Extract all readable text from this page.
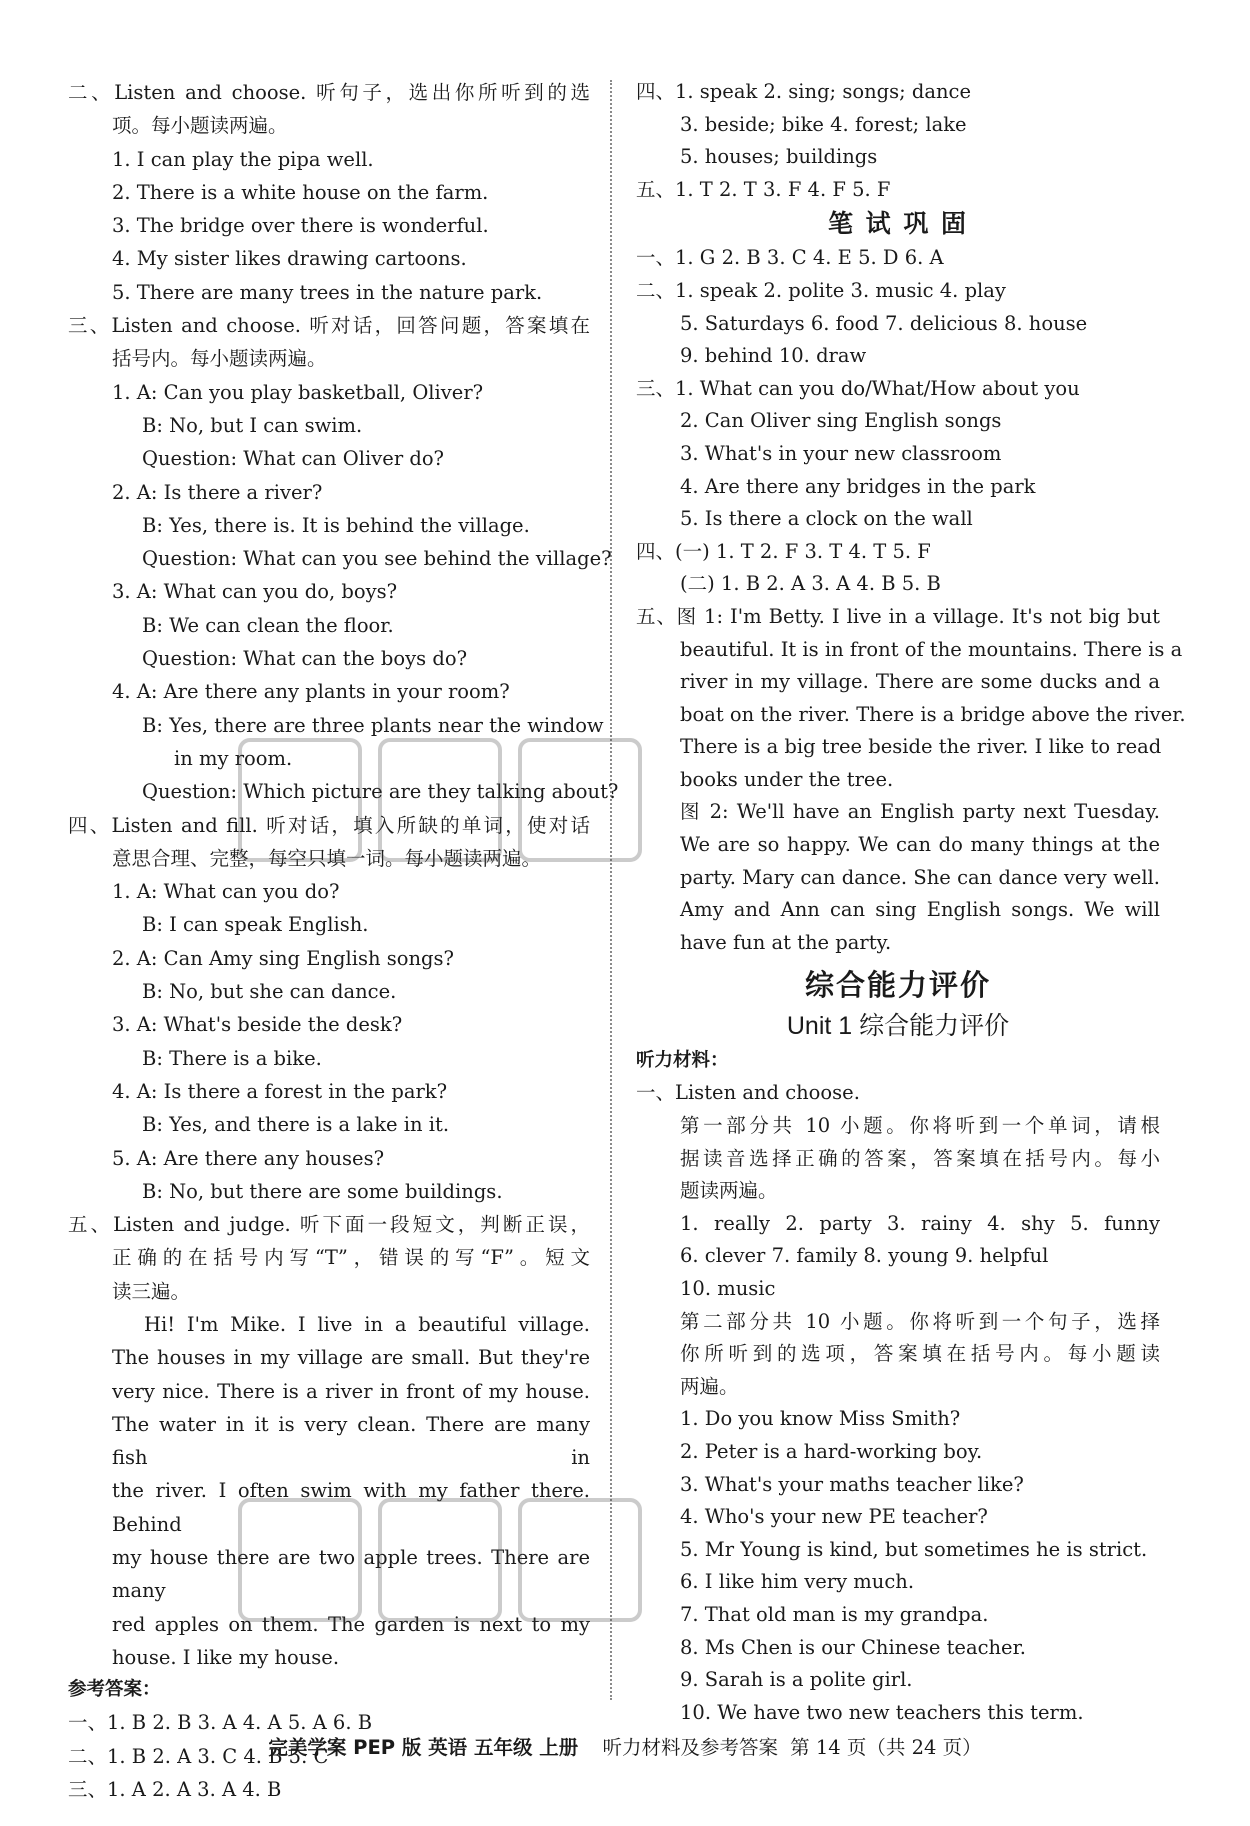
二、Listen and choose. 听句子，选出你所听到的选

项。每小题读两遍。

1. I can play the pipa well.

2. There is a white house on the farm.

3. The bridge over there is wonderful.

4. My sister likes drawing cartoons.

5. There are many trees in the nature park.

三、Listen and choose. 听对话，回答问题，答案填在

括号内。每小题读两遍。

1. A: Can you play basketball, Oliver?

B: No, but I can swim.

Question: What can Oliver do?

2. A: Is there a river?

B: Yes, there is. It is behind the village.

Question: What can you see behind the village?

3. A: What can you do, boys?

B: We can clean the floor.

Question: What can the boys do?

4. A: Are there any plants in your room?

B: Yes, there are three plants near the window

in my room.

Question: Which picture are they talking about?

四、Listen and fill. 听对话，填入所缺的单词，使对话

意思合理、完整，每空只填一词。每小题读两遍。

1. A: What can you do?

B: I can speak English.

2. A: Can Amy sing English songs?

B: No, but she can dance.

3. A: What's beside the desk?

B: There is a bike.

4. A: Is there a forest in the park?

B: Yes, and there is a lake in it.

5. A: Are there any houses?

B: No, but there are some buildings.

五、Listen and judge. 听下面一段短文，判断正误，

正确的在括号内写“T”，错误的写“F”。短文

读三遍。

Hi! I'm Mike. I live in a beautiful village.

The houses in my village are small. But they're

very nice. There is a river in front of my house.

The water in it is very clean. There are many fish in

the river. I often swim with my father there. Behind

my house there are two apple trees. There are many

red apples on them. The garden is next to my

house. I like my house.

参考答案：

一、1. B 2. B 3. A 4. A 5. A 6. B

二、1. B 2. A 3. C 4. B 5. C

三、1. A 2. A 3. A 4. B

四、1. speak 2. sing; songs; dance

3. beside; bike 4. forest; lake

5. houses; buildings

五、1. T 2. T 3. F 4. F 5. F

笔 试 巩 固

一、1. G 2. B 3. C 4. E 5. D 6. A

二、1. speak 2. polite 3. music 4. play

5. Saturdays 6. food 7. delicious 8. house

9. behind 10. draw

三、1. What can you do/What/How about you

2. Can Oliver sing English songs

3. What's in your new classroom

4. Are there any bridges in the park

5. Is there a clock on the wall

四、(一) 1. T 2. F 3. T 4. T 5. F

(二) 1. B 2. A 3. A 4. B 5. B

五、图 1: I'm Betty. I live in a village. It's not big but

beautiful. It is in front of the mountains. There is a

river in my village. There are some ducks and a

boat on the river. There is a bridge above the river.

There is a big tree beside the river. I like to read

books under the tree.

图 2: We'll have an English party next Tuesday.

We are so happy. We can do many things at the

party. Mary can dance. She can dance very well.

Amy and Ann can sing English songs. We will

have fun at the party.

综合能力评价

Unit 1 综合能力评价

听力材料：

一、Listen and choose.

第一部分共 10 小题。你将听到一个单词，请根

据读音选择正确的答案，答案填在括号内。每小

题读两遍。

1. really 2. party 3. rainy 4. shy 5. funny

6. clever 7. family 8. young 9. helpful

10. music

第二部分共 10 小题。你将听到一个句子，选择

你所听到的选项，答案填在括号内。每小题读

两遍。

1. Do you know Miss Smith?

2. Peter is a hard-working boy.

3. What's your maths teacher like?

4. Who's your new PE teacher?

5. Mr Young is kind, but sometimes he is strict.

6. I like him very much.

7. That old man is my grandpa.

8. Ms Chen is our Chinese teacher.

9. Sarah is a polite girl.

10. We have two new teachers this term.

完美学案 PEP 版 英语 五年级 上册 听力材料及参考答案 第 14 页（共 24 页）
